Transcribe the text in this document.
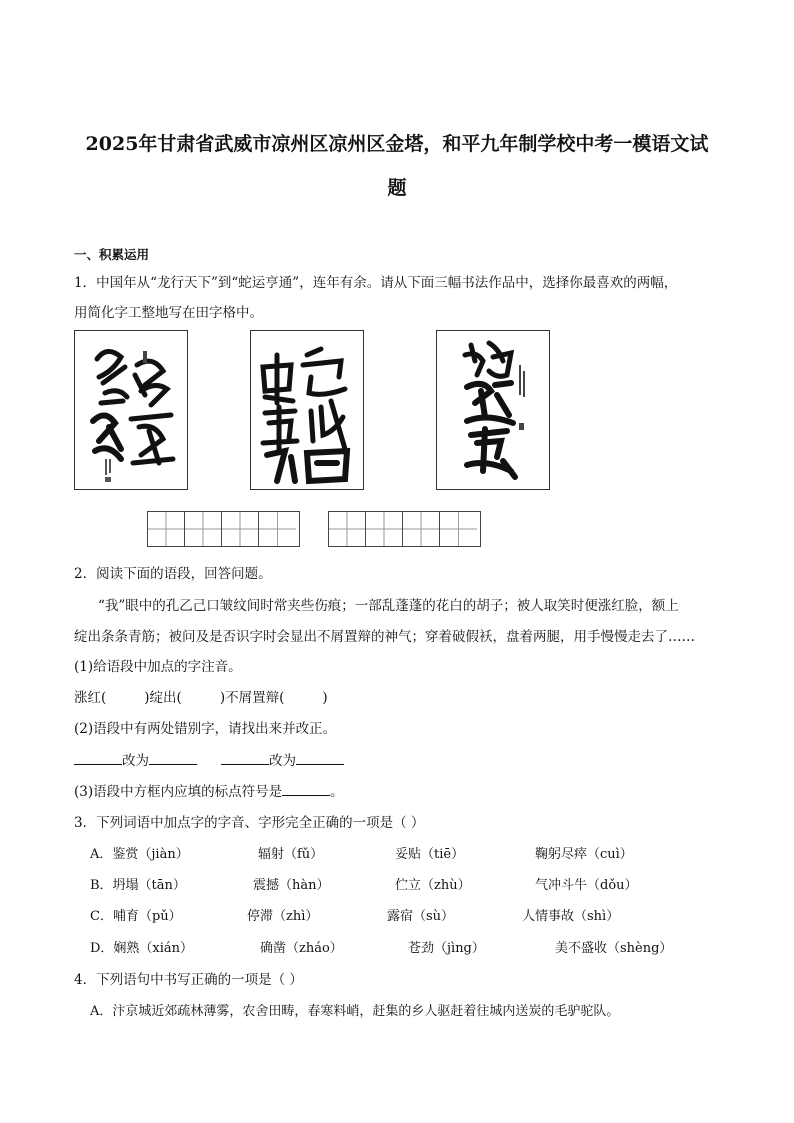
2025年甘肃省武威市凉州区凉州区金塔，和平九年制学校中考一模语文试
题
一、积累运用
1．中国年从“龙行天下”到“蛇运亨通”，连年有余。请从下面三幅书法作品中，选择你最喜欢的两幅，
用简化字工整地写在田字格中。
2．阅读下面的语段，回答问题。
“我”眼中的孔乙己口皱纹间时常夹些伤痕；一部乱蓬蓬的花白的胡子；被人取笑时便涨红脸，额上
绽出条条青筋；被问及是否识字时会显出不屑置辩的神气；穿着破假袄，盘着两腿，用手慢慢走去了……
(1)给语段中加点的字注音。
涨红(	)绽出(	)不屑置辩(	)
(2)语段中有两处错别字，请找出来并改正。
改为	改为
(3)语段中方框内应填的标点符号是	。
3．下列词语中加点字的字音、字形完全正确的一项是（ ）
A．鉴赏（jiàn）	辐射（fǔ）	妥贴（tiē）	鞠躬尽瘁（cuì）
B．坍塌（tān）	震撼（hàn）	伫立（zhù）	气冲斗牛（dǒu）
C．哺育（pǔ）	停滞（zhì）	露宿（sù）	人情事故（shì）
D．娴熟（xián）	确凿（zháo）	苍劲（jìng）	美不盛收（shèng）
4．下列语句中书写正确的一项是（ ）
A．汴京城近郊疏林薄雾，农舍田畴，春寒料峭，赶集的乡人驱赶着往城内送炭的毛驴驼队。
